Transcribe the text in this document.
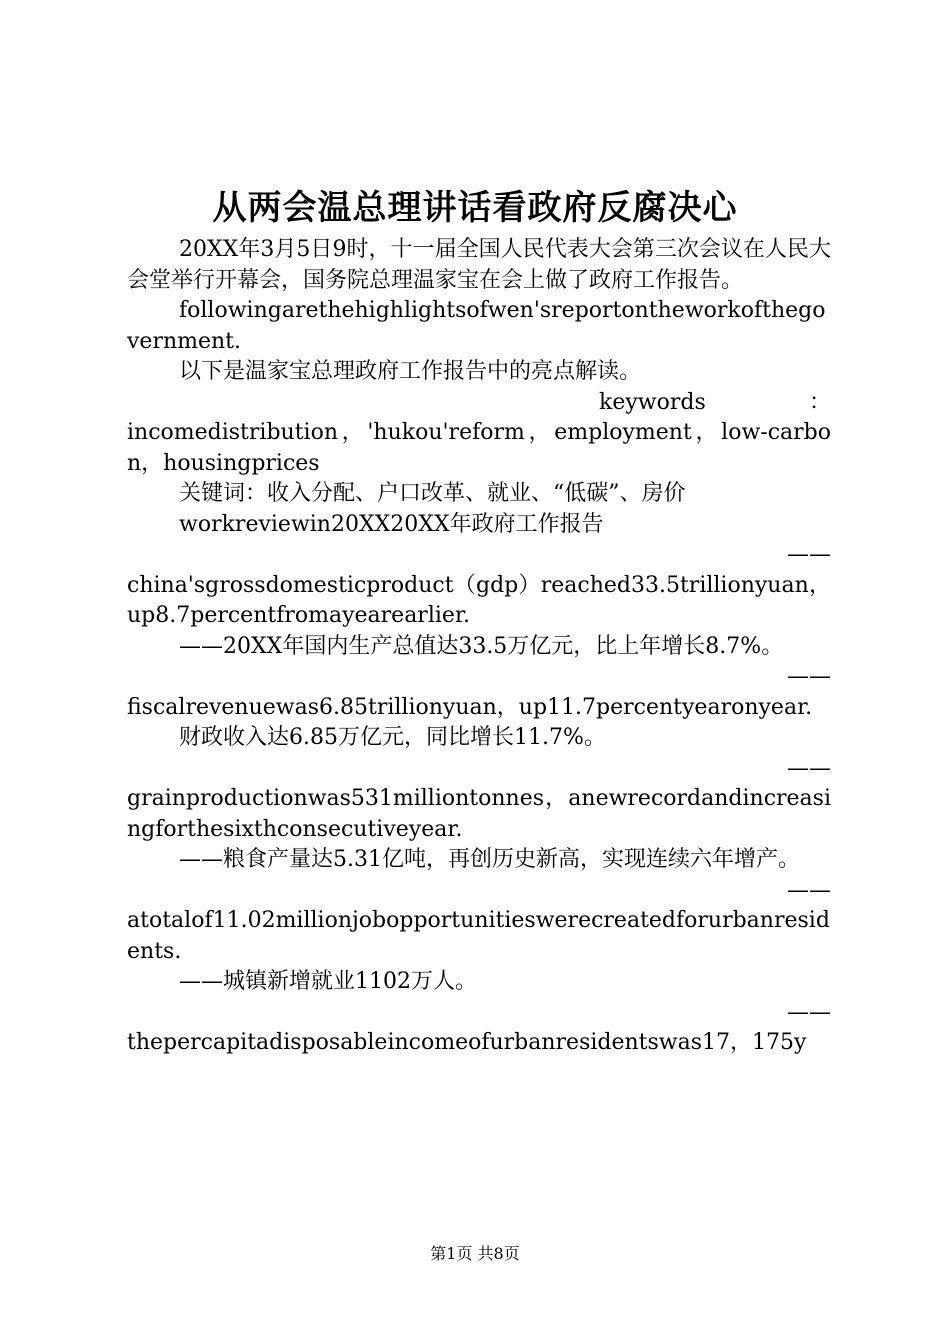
从两会温总理讲话看政府反腐决心

20XX年3月5日9时，十一届全国人民代表大会第三次会议在人民大会堂举行开幕会，国务院总理温家宝在会上做了政府工作报告。

followingarethehighlightsofwen'sreportontheworkofthegovernment.

以下是温家宝总理政府工作报告中的亮点解读。

keywords　：

incomedistribution，'hukou'reform，employment，low-carbon，housingprices

关键词：收入分配、户口改革、就业、“低碳”、房价

workreviewin20XX20XX年政府工作报告

——

china'sgrossdomesticproduct（gdp）reached33.5trillionyuan，up8.7percentfromayearearlier.

——20XX年国内生产总值达33.5万亿元，比上年增长8.7%。

——

fiscalrevenuewas6.85trillionyuan，up11.7percentyearonyear.

财政收入达6.85万亿元，同比增长11.7%。

——

grainproductionwas531milliontonnes，anewrecordandincreasingforthesixthconsecutiveyear.

——粮食产量达5.31亿吨，再创历史新高，实现连续六年增产。

——

atotalof11.02millionjobopportunitieswerecreatedforurbanresidents.

——城镇新增就业1102万人。

——

thepercapitadisposableincomeofurbanresidentswas17，175y

第1页 共8页
